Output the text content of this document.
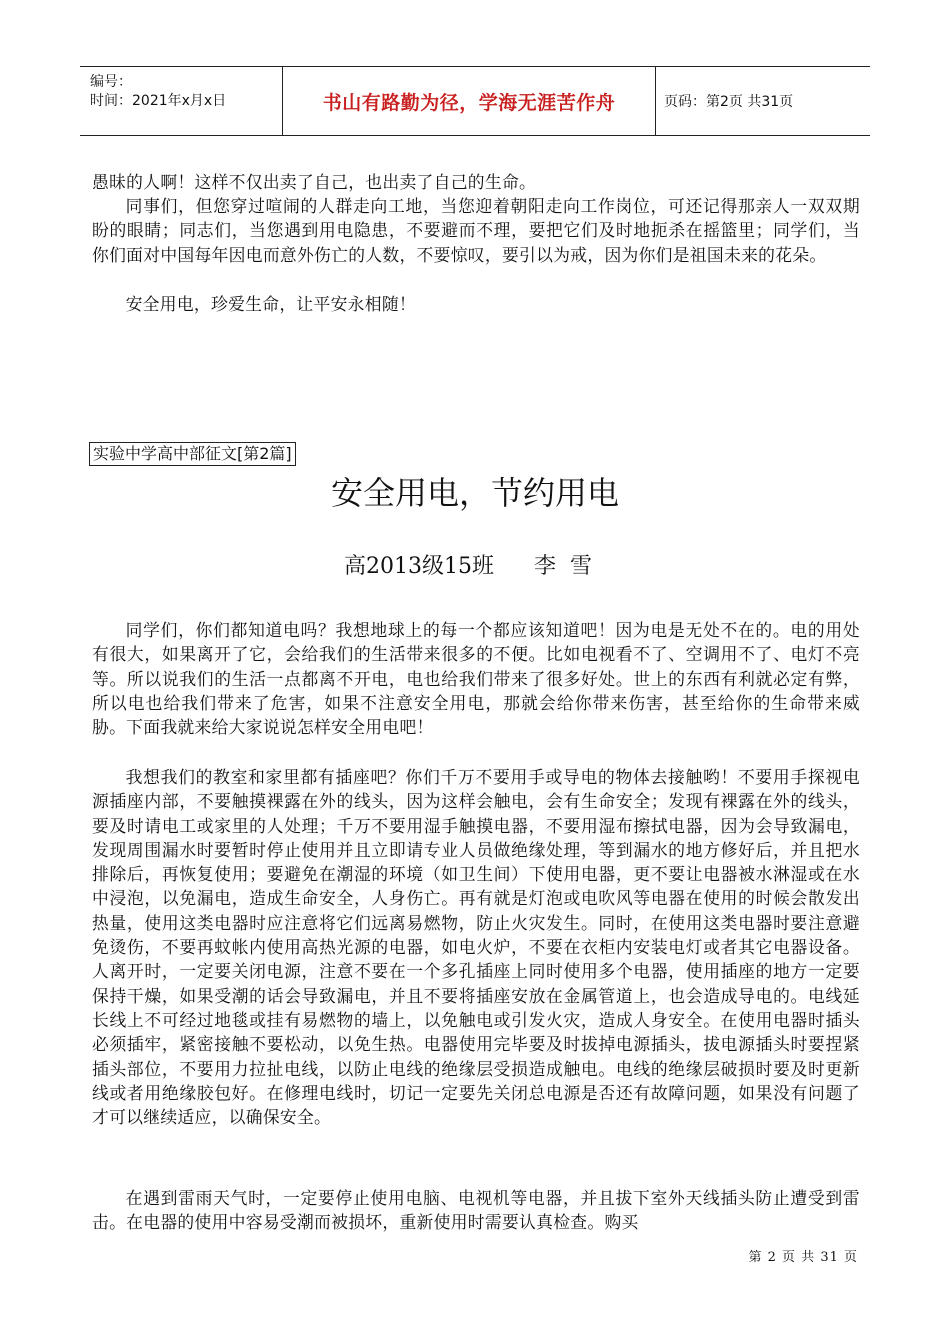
编号：
时间：2021年x月x日	书山有路勤为径，学海无涯苦作舟	页码：第2页 共31页

愚昧的人啊！这样不仅出卖了自己，也出卖了自己的生命。

同事们，但您穿过喧闹的人群走向工地，当您迎着朝阳走向工作岗位，可还记得那亲人一双双期盼的眼睛；同志们，当您遇到用电隐患，不要避而不理，要把它们及时地扼杀在摇篮里；同学们，当你们面对中国每年因电而意外伤亡的人数，不要惊叹，要引以为戒，因为你们是祖国未来的花朵。

安全用电，珍爱生命，让平安永相随！

实验中学高中部征文[第2篇]
安全用电，节约用电
高2013级15班 李雪

同学们，你们都知道电吗？我想地球上的每一个都应该知道吧！因为电是无处不在的。电的用处有很大，如果离开了它，会给我们的生活带来很多的不便。比如电视看不了、空调用不了、电灯不亮等。所以说我们的生活一点都离不开电，电也给我们带来了很多好处。世上的东西有利就必定有弊，所以电也给我们带来了危害，如果不注意安全用电，那就会给你带来伤害，甚至给你的生命带来威胁。下面我就来给大家说说怎样安全用电吧！

我想我们的教室和家里都有插座吧？你们千万不要用手或导电的物体去接触哟！不要用手探视电源插座内部，不要触摸裸露在外的线头，因为这样会触电，会有生命安全；发现有裸露在外的线头，要及时请电工或家里的人处理；千万不要用湿手触摸电器，不要用湿布擦拭电器，因为会导致漏电，发现周围漏水时要暂时停止使用并且立即请专业人员做绝缘处理，等到漏水的地方修好后，并且把水排除后，再恢复使用；要避免在潮湿的环境（如卫生间）下使用电器，更不要让电器被水淋湿或在水中浸泡，以免漏电，造成生命安全，人身伤亡。再有就是灯泡或电吹风等电器在使用的时候会散发出热量，使用这类电器时应注意将它们远离易燃物，防止火灾发生。同时，在使用这类电器时要注意避免烫伤，不要再蚊帐内使用高热光源的电器，如电火炉，不要在衣柜内安装电灯或者其它电器设备。人离开时，一定要关闭电源，注意不要在一个多孔插座上同时使用多个电器，使用插座的地方一定要保持干燥，如果受潮的话会导致漏电，并且不要将插座安放在金属管道上，也会造成导电的。电线延长线上不可经过地毯或挂有易燃物的墙上，以免触电或引发火灾，造成人身安全。在使用电器时插头必须插牢，紧密接触不要松动，以免生热。电器使用完毕要及时拔掉电源插头，拔电源插头时要捏紧插头部位，不要用力拉扯电线，以防止电线的绝缘层受损造成触电。电线的绝缘层破损时要及时更新线或者用绝缘胶包好。在修理电线时，切记一定要先关闭总电源是否还有故障问题，如果没有问题了才可以继续适应，以确保安全。

在遇到雷雨天气时，一定要停止使用电脑、电视机等电器，并且拔下室外天线插头防止遭受到雷击。在电器的使用中容易受潮而被损坏，重新使用时需要认真检查。购买

第 2 页 共 31 页
